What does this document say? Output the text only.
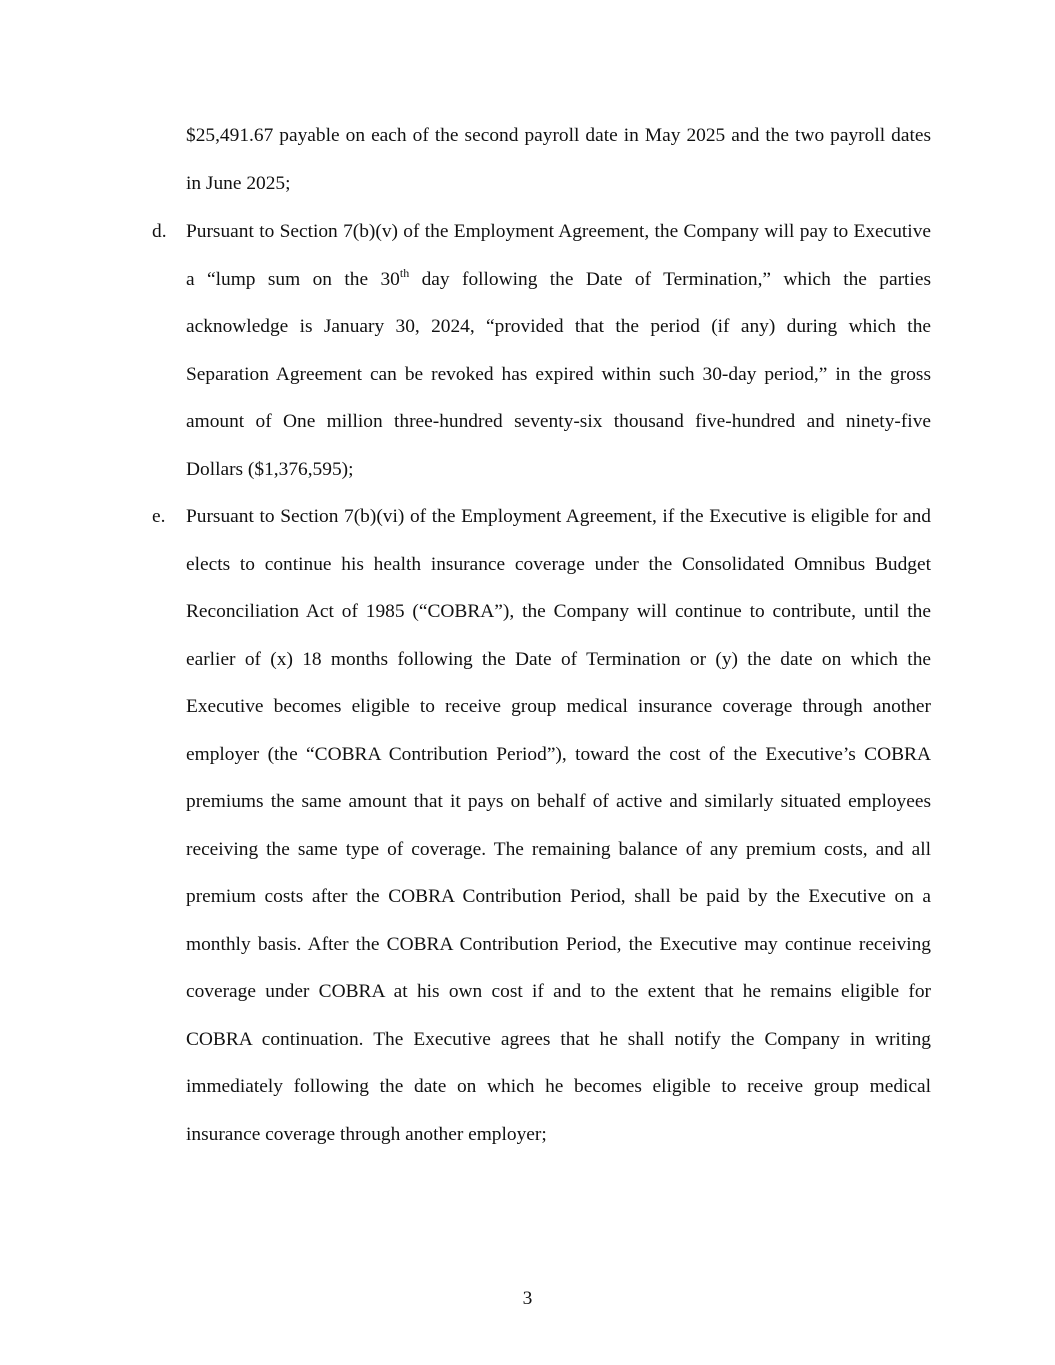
$25,491.67 payable on each of the second payroll date in May 2025 and the two payroll dates in June 2025;

d. Pursuant to Section 7(b)(v) of the Employment Agreement, the Company will pay to Executive a “lump sum on the 30th day following the Date of Termination,” which the parties acknowledge is January 30, 2024, “provided that the period (if any) during which the Separation Agreement can be revoked has expired within such 30-day period,” in the gross amount of One million three-hundred seventy-six thousand five-hundred and ninety-five Dollars ($1,376,595);

e. Pursuant to Section 7(b)(vi) of the Employment Agreement, if the Executive is eligible for and elects to continue his health insurance coverage under the Consolidated Omnibus Budget Reconciliation Act of 1985 (“COBRA”), the Company will continue to contribute, until the earlier of (x) 18 months following the Date of Termination or (y) the date on which the Executive becomes eligible to receive group medical insurance coverage through another employer (the “COBRA Contribution Period”), toward the cost of the Executive’s COBRA premiums the same amount that it pays on behalf of active and similarly situated employees receiving the same type of coverage. The remaining balance of any premium costs, and all premium costs after the COBRA Contribution Period, shall be paid by the Executive on a monthly basis. After the COBRA Contribution Period, the Executive may continue receiving coverage under COBRA at his own cost if and to the extent that he remains eligible for COBRA continuation. The Executive agrees that he shall notify the Company in writing immediately following the date on which he becomes eligible to receive group medical insurance coverage through another employer;

3
